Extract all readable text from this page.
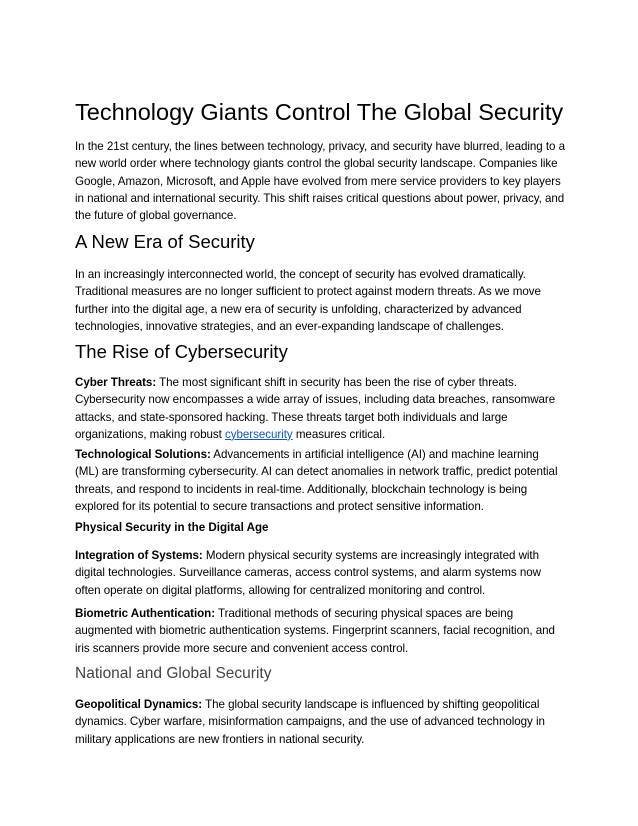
Technology Giants Control The Global Security

In the 21st century, the lines between technology, privacy, and security have blurred, leading to a new world order where technology giants control the global security landscape. Companies like Google, Amazon, Microsoft, and Apple have evolved from mere service providers to key players in national and international security. This shift raises critical questions about power, privacy, and the future of global governance.

A New Era of Security

In an increasingly interconnected world, the concept of security has evolved dramatically. Traditional measures are no longer sufficient to protect against modern threats. As we move further into the digital age, a new era of security is unfolding, characterized by advanced technologies, innovative strategies, and an ever-expanding landscape of challenges.

The Rise of Cybersecurity

Cyber Threats: The most significant shift in security has been the rise of cyber threats. Cybersecurity now encompasses a wide array of issues, including data breaches, ransomware attacks, and state-sponsored hacking. These threats target both individuals and large organizations, making robust cybersecurity measures critical.

Technological Solutions: Advancements in artificial intelligence (AI) and machine learning (ML) are transforming cybersecurity. AI can detect anomalies in network traffic, predict potential threats, and respond to incidents in real-time. Additionally, blockchain technology is being explored for its potential to secure transactions and protect sensitive information.

Physical Security in the Digital Age

Integration of Systems: Modern physical security systems are increasingly integrated with digital technologies. Surveillance cameras, access control systems, and alarm systems now often operate on digital platforms, allowing for centralized monitoring and control.

Biometric Authentication: Traditional methods of securing physical spaces are being augmented with biometric authentication systems. Fingerprint scanners, facial recognition, and iris scanners provide more secure and convenient access control.

National and Global Security

Geopolitical Dynamics: The global security landscape is influenced by shifting geopolitical dynamics. Cyber warfare, misinformation campaigns, and the use of advanced technology in military applications are new frontiers in national security.
